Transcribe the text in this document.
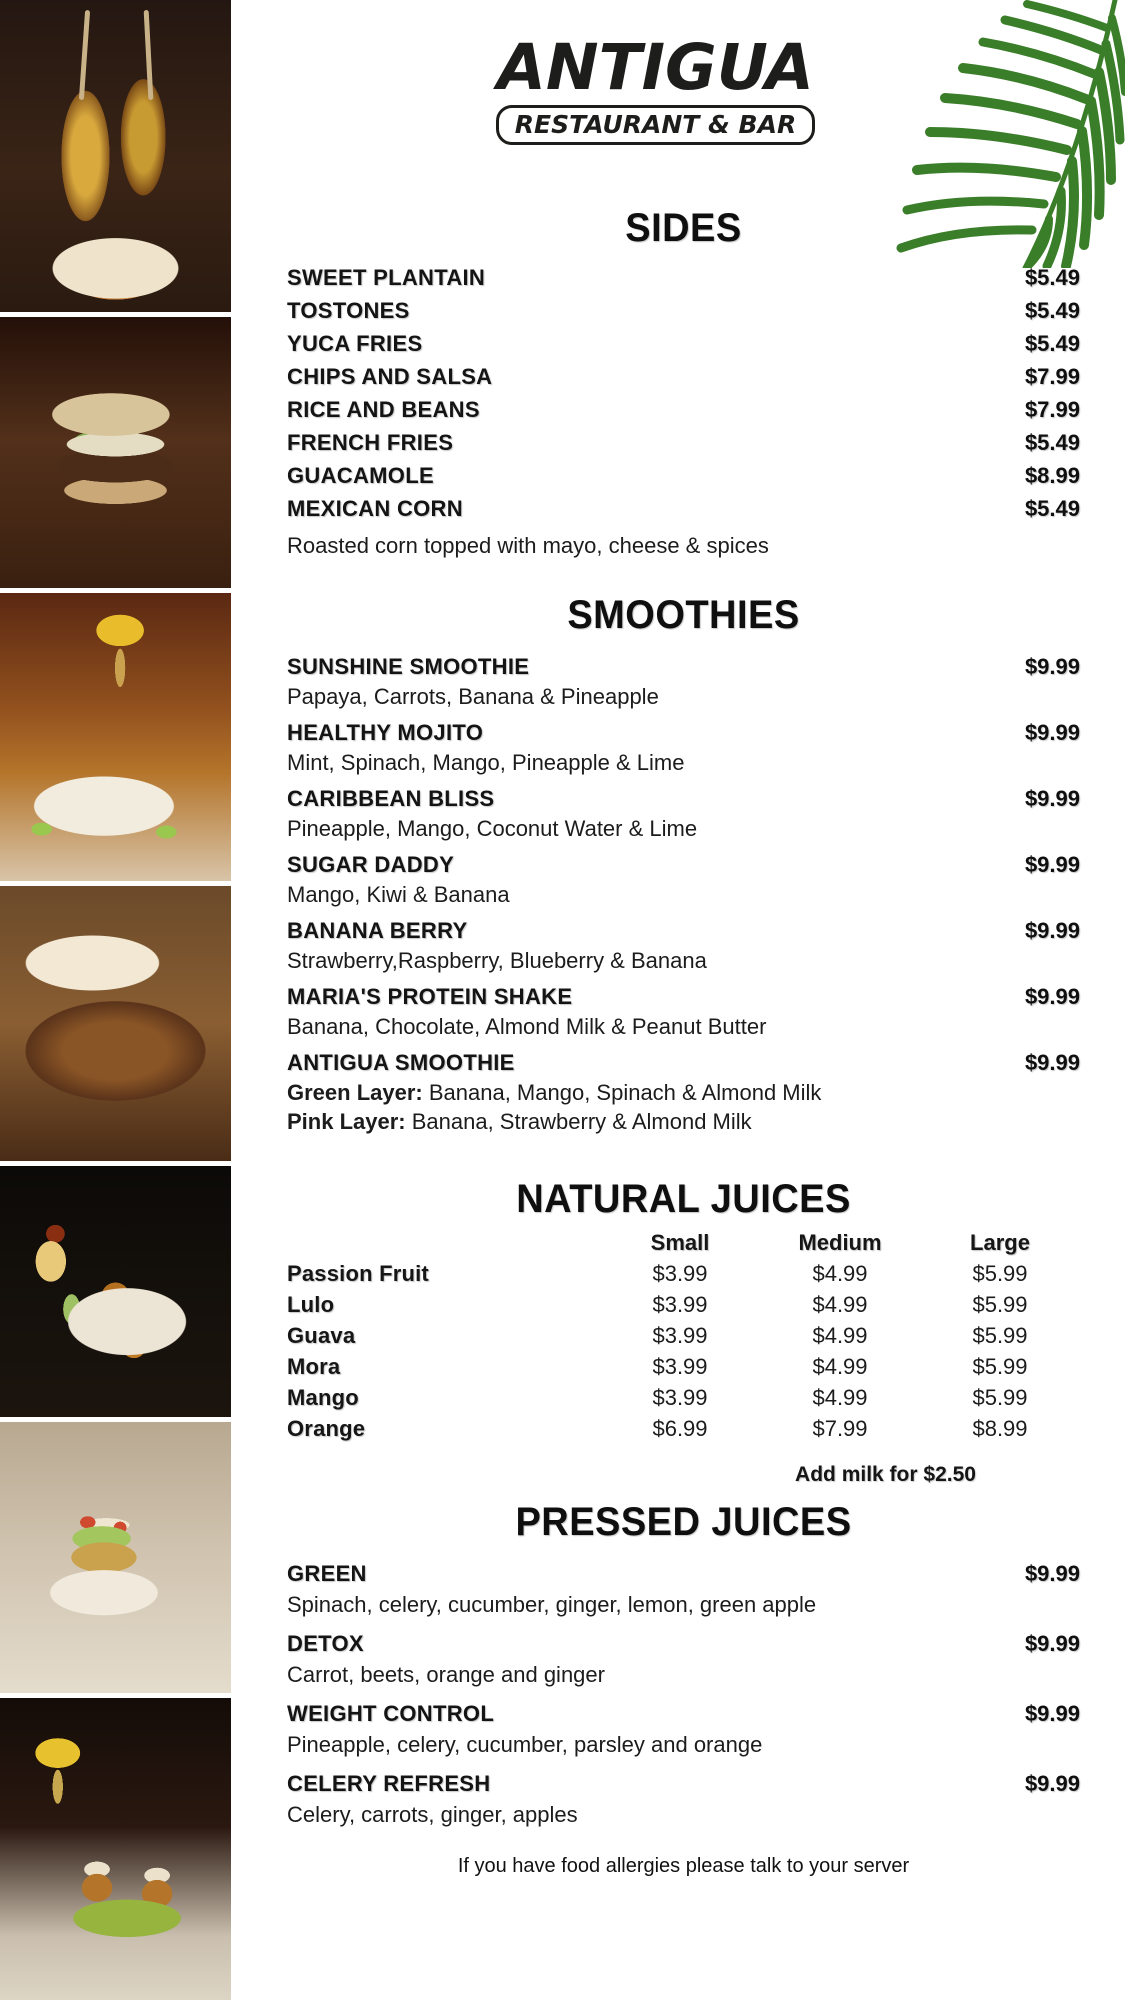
ANTIGUA
RESTAURANT & BAR
SIDES
SWEET PLANTAIN	$5.49
TOSTONES	$5.49
YUCA FRIES	$5.49
CHIPS AND SALSA	$7.99
RICE AND BEANS	$7.99
FRENCH FRIES	$5.49
GUACAMOLE	$8.99
MEXICAN CORN	$5.49
Roasted corn topped with mayo, cheese & spices
SMOOTHIES
SUNSHINE SMOOTHIE	$9.99
Papaya, Carrots, Banana & Pineapple
HEALTHY MOJITO	$9.99
Mint, Spinach, Mango, Pineapple & Lime
CARIBBEAN BLISS	$9.99
Pineapple, Mango, Coconut Water & Lime
SUGAR DADDY	$9.99
Mango, Kiwi & Banana
BANANA BERRY	$9.99
Strawberry,Raspberry, Blueberry & Banana
MARIA'S PROTEIN SHAKE	$9.99
Banana, Chocolate, Almond Milk & Peanut Butter
ANTIGUA SMOOTHIE	$9.99
Green Layer: Banana, Mango, Spinach & Almond Milk
Pink Layer: Banana, Strawberry & Almond Milk
NATURAL JUICES
Small	Medium	Large
Passion Fruit	$3.99	$4.99	$5.99
Lulo	$3.99	$4.99	$5.99
Guava	$3.99	$4.99	$5.99
Mora	$3.99	$4.99	$5.99
Mango	$3.99	$4.99	$5.99
Orange	$6.99	$7.99	$8.99
Add milk for $2.50
PRESSED JUICES
GREEN	$9.99
Spinach, celery, cucumber, ginger, lemon, green apple
DETOX	$9.99
Carrot, beets, orange and ginger
WEIGHT CONTROL	$9.99
Pineapple, celery, cucumber, parsley and orange
CELERY REFRESH	$9.99
Celery, carrots, ginger, apples
If you have food allergies please talk to your server
